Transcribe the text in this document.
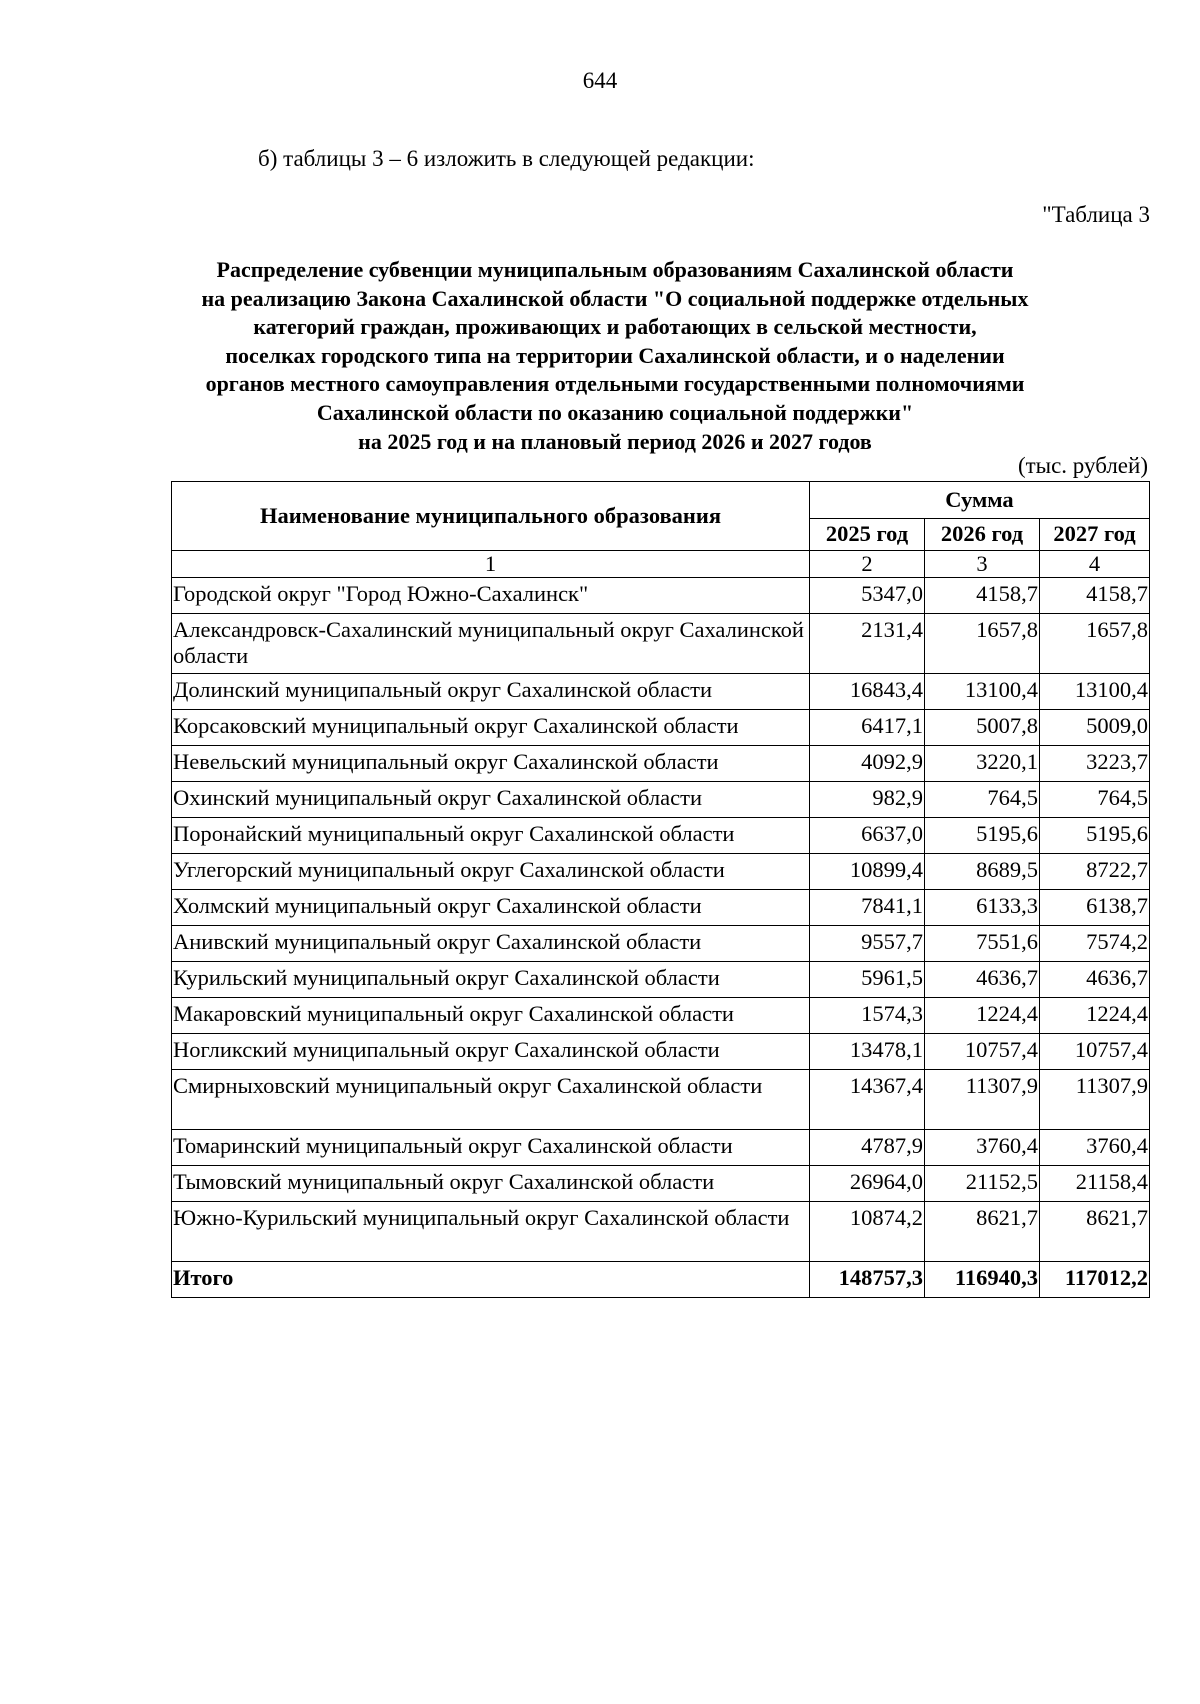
644
б) таблицы 3 – 6 изложить в следующей редакции:
"Таблица 3
Распределение субвенции муниципальным образованиям Сахалинской области
на реализацию Закона Сахалинской области "О социальной поддержке отдельных
категорий граждан, проживающих и работающих в сельской местности,
поселках городского типа на территории Сахалинской области, и о наделении
органов местного самоуправления отдельными государственными полномочиями
Сахалинской области по оказанию социальной поддержки"
на 2025 год и на плановый период 2026 и 2027 годов
(тыс. рублей)
Наименование муниципального образования	Сумма		
	2025 год	2026 год	2027 год
1	2	3	4
Городской округ "Город Южно-Сахалинск"	5347,0	4158,7	4158,7
Александровск-Сахалинский муниципальный округ Сахалинской области	2131,4	1657,8	1657,8
Долинский муниципальный округ Сахалинской области	16843,4	13100,4	13100,4
Корсаковский муниципальный округ Сахалинской области	6417,1	5007,8	5009,0
Невельский муниципальный округ Сахалинской области	4092,9	3220,1	3223,7
Охинский муниципальный округ Сахалинской области	982,9	764,5	764,5
Поронайский муниципальный округ Сахалинской области	6637,0	5195,6	5195,6
Углегорский муниципальный округ Сахалинской области	10899,4	8689,5	8722,7
Холмский муниципальный округ Сахалинской области	7841,1	6133,3	6138,7
Анивский муниципальный округ Сахалинской области	9557,7	7551,6	7574,2
Курильский муниципальный округ Сахалинской области	5961,5	4636,7	4636,7
Макаровский муниципальный округ Сахалинской области	1574,3	1224,4	1224,4
Ногликский муниципальный округ Сахалинской области	13478,1	10757,4	10757,4
Смирныховский муниципальный округ Сахалинской области	14367,4	11307,9	11307,9
Томаринский муниципальный округ Сахалинской области	4787,9	3760,4	3760,4
Тымовский муниципальный округ Сахалинской области	26964,0	21152,5	21158,4
Южно-Курильский муниципальный округ Сахалинской области	10874,2	8621,7	8621,7
Итого	148757,3	116940,3	117012,2
